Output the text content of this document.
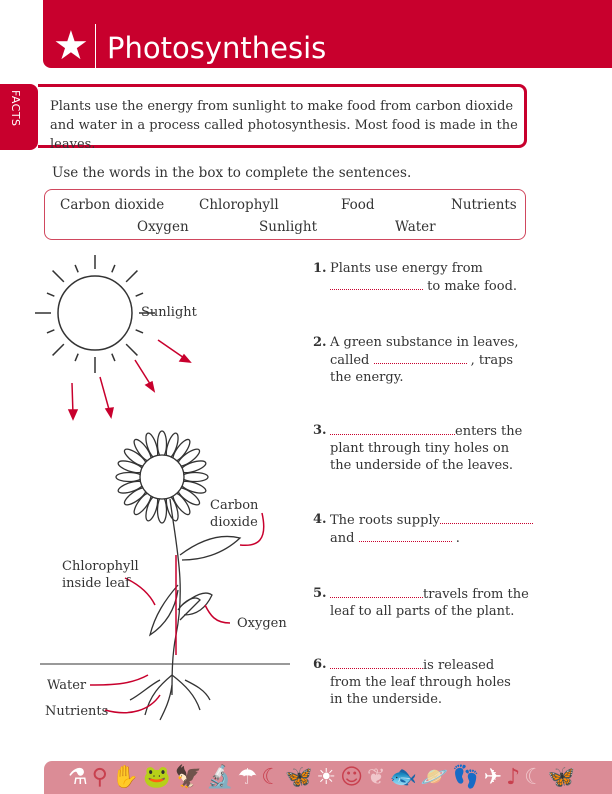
★ Photosynthesis
FACTS	Plants use the energy from sunlight to make food from carbon dioxide and water in a process called photosynthesis. Most food is made in the leaves.
Use the words in the box to complete the sentences.
Carbon dioxide	Chlorophyll	Food	Nutrients
Oxygen	Sunlight	Water
Sunlight
Carbon
dioxide
Chlorophyll
inside leaf
Oxygen
Water
Nutrients
1. Plants use energy from
to make food.
2. A green substance in leaves,
called	, traps
the energy.
3.	enters the
plant through tiny holes on
the underside of the leaves.
4. The roots supply
and	.
5.	travels from the
leaf to all parts of the plant.
6.	is released
from the leaf through holes
in the underside.
⚗⚲✋🐸🦅🔬☂☾🦋☀☺❦🐟🪐👣✈♪☾🦋
